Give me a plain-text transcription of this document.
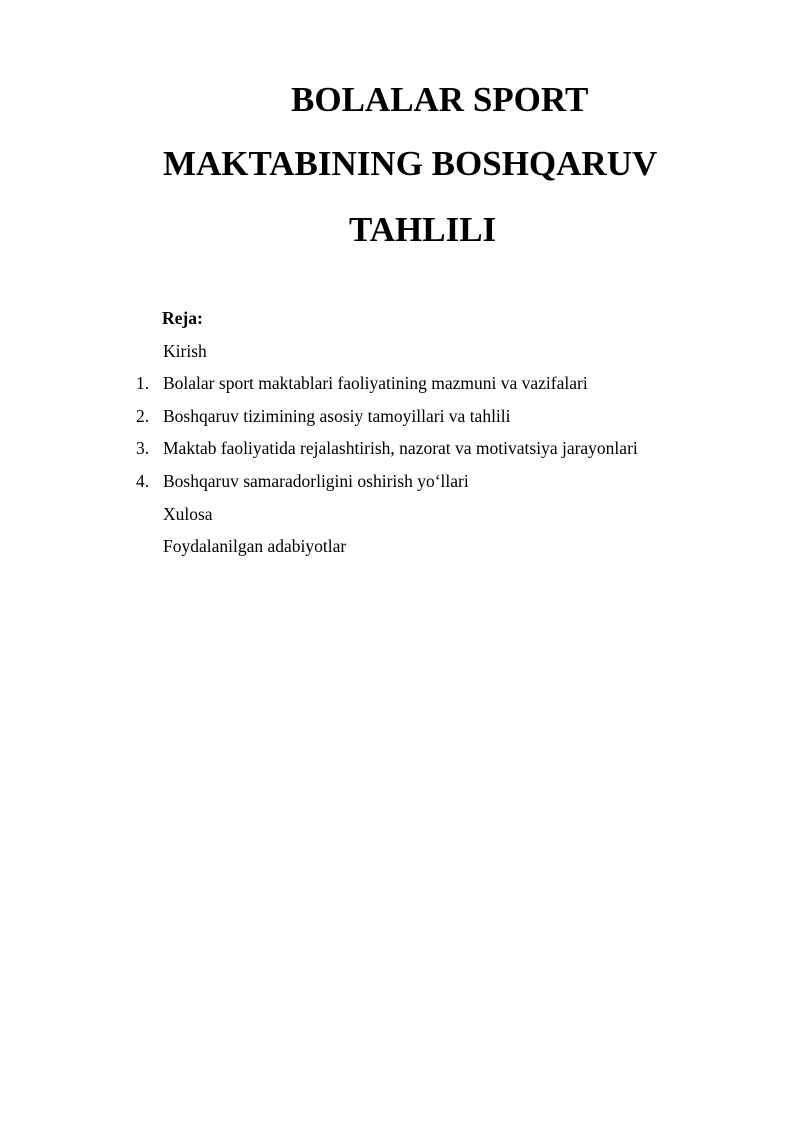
BOLALAR SPORT
MAKTABINING BOSHQARUV
TAHLILI
Reja:
Kirish
1. Bolalar sport maktablari faoliyatining mazmuni va vazifalari
2. Boshqaruv tizimining asosiy tamoyillari va tahlili
3. Maktab faoliyatida rejalashtirish, nazorat va motivatsiya jarayonlari
4. Boshqaruv samaradorligini oshirish yo‘llari
Xulosa
Foydalanilgan adabiyotlar
